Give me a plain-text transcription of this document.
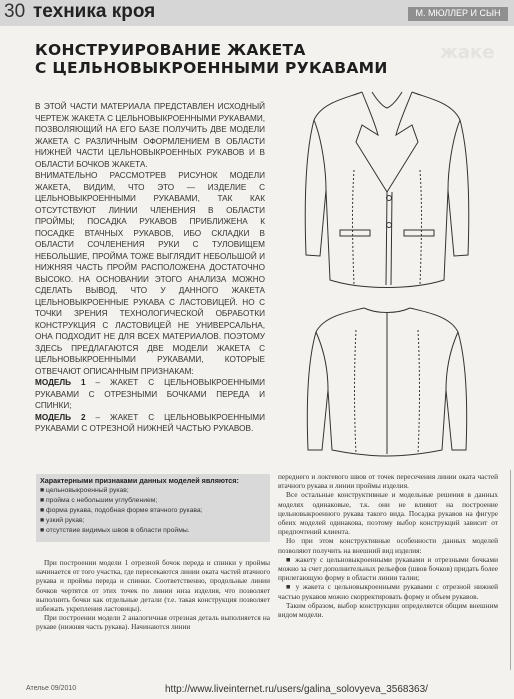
30 техника кроя	М. МЮЛЛЕР И СЫН
жаке
КОНСТРУИРОВАНИЕ ЖАКЕТА
С ЦЕЛЬНОВЫКРОЕННЫМИ РУКАВАМИ

В ЭТОЙ ЧАСТИ МАТЕРИАЛА ПРЕДСТАВЛЕН ИСХОДНЫЙ ЧЕРТЕЖ ЖАКЕТА С ЦЕЛЬНОВЫКРОЕННЫМИ РУКАВАМИ, ПОЗВОЛЯЮЩИЙ НА ЕГО БАЗЕ ПОЛУЧИТЬ ДВЕ МОДЕЛИ ЖАКЕТА С РАЗЛИЧНЫМ ОФОРМЛЕНИЕМ В ОБЛАСТИ НИЖНЕЙ ЧАСТИ ЦЕЛЬНОВЫКРОЕННЫХ РУКАВОВ И В ОБЛАСТИ БОЧКОВ ЖАКЕТА.

ВНИМАТЕЛЬНО РАССМОТРЕВ РИСУНОК МОДЕЛИ ЖАКЕТА, ВИДИМ, ЧТО ЭТО — ИЗДЕЛИЕ С ЦЕЛЬНОВЫКРОЕННЫМИ РУКАВАМИ, ТАК КАК ОТСУТСТВУЮТ ЛИНИИ ЧЛЕНЕНИЯ В ОБЛАСТИ ПРОЙМЫ; ПОСАДКА РУКАВОВ ПРИБЛИЖЕНА К ПОСАДКЕ ВТАЧНЫХ РУКАВОВ, ИБО СКЛАДКИ В ОБЛАСТИ СОЧЛЕНЕНИЯ РУКИ С ТУЛОВИЩЕМ НЕБОЛЬШИЕ, ПРОЙМА ТОЖЕ ВЫГЛЯДИТ НЕБОЛЬШОЙ И НИЖНЯЯ ЧАСТЬ ПРОЙМ РАСПОЛОЖЕНА ДОСТАТОЧНО ВЫСОКО. НА ОСНОВАНИИ ЭТОГО АНАЛИЗА МОЖНО СДЕЛАТЬ ВЫВОД, ЧТО У ДАННОГО ЖАКЕТА ЦЕЛЬНОВЫКРОЕННЫЕ РУКАВА С ЛАСТОВИЦЕЙ. НО С ТОЧКИ ЗРЕНИЯ ТЕХНОЛОГИЧЕСКОЙ ОБРАБОТКИ КОНСТРУКЦИЯ С ЛАСТОВИЦЕЙ НЕ УНИВЕРСАЛЬНА, ОНА ПОДХОДИТ НЕ ДЛЯ ВСЕХ МАТЕРИАЛОВ. ПОЭТОМУ ЗДЕСЬ ПРЕДЛАГАЮТСЯ ДВЕ МОДЕЛИ ЖАКЕТА С ЦЕЛЬНОВЫКРОЕННЫМИ РУКАВАМИ, КОТОРЫЕ ОТВЕЧАЮТ ОПИСАННЫМ ПРИЗНАКАМ:

МОДЕЛЬ 1 – ЖАКЕТ С ЦЕЛЬНОВЫКРОЕННЫМИ РУКАВАМИ С ОТРЕЗНЫМИ БОЧКАМИ ПЕРЕДА И СПИНКИ;

МОДЕЛЬ 2 – ЖАКЕТ С ЦЕЛЬНОВЫКРОЕННЫМИ РУКАВАМИ С ОТРЕЗНОЙ НИЖНЕЙ ЧАСТЬЮ РУКАВОВ.

Характерными признаками данных моделей являются:
■ цельновыкроенный рукав;
■ пройма с небольшим углублением;
■ форма рукава, подобная форме втачного рукава;
■ узкий рукав;
■ отсутствие видимых швов в области проймы.

При построении модели 1 отрезной бочок переда и спинки у проймы начинается от того участка, где пересекаются линии оката частей втачного рукава и проймы переда и спинки. Соответственно, продольные линии бочков чертятся от этих точек по линии низа изделия, что позволяет выполнить бочки как отдельные детали (т.е. такая конструкция позволяет избежать укрепления ластовицы).

При построении модели 2 аналогичная отрезная деталь выполняется на рукаве (нижняя часть рукава). Начинаются линии

переднего и локтевого швов от точек пересечения линии оката частей втачного рукава и линии проймы изделия.

Все остальные конструктивные и модельные решения в данных моделях одинаковые, т.к. они не влияют на построение цельновыкроенного рукава такого вида. Посадка рукавов на фигуре обеих моделей одинакова, поэтому выбор конструкций зависит от предпочтений клиента.

Но при этом конструктивные особенности данных моделей позволяют получить на внешний вид изделия:

■ жакету с цельновыкроенными рукавами и отрезными бочками можно за счет дополнительных рельефов (швов бочков) придать более прилегающую форму в области линии талии;

■ у жакета с цельновыкроенными рукавами с отрезной нижней частью рукавов можно скорректировать форму и объем рукавов.

Таким образом, выбор конструкции определяется общим внешним видом модели.

Ателье 09/2010	http://www.liveinternet.ru/users/galina_solovyeva_3568363/
